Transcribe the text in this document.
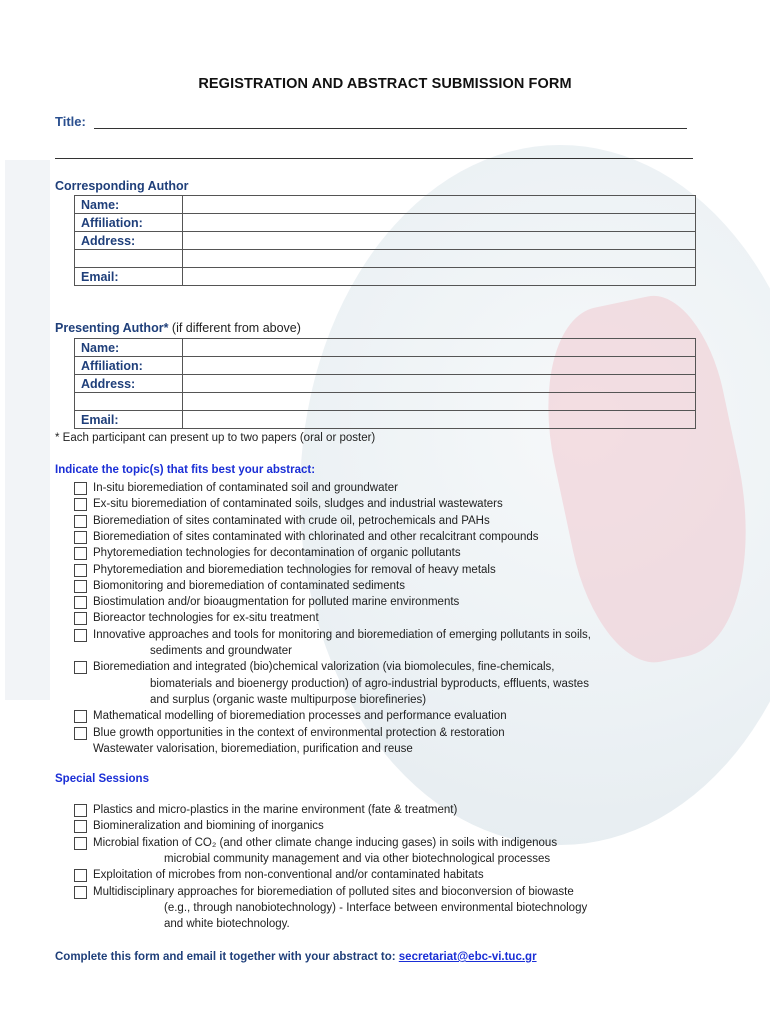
REGISTRATION AND ABSTRACT SUBMISSION FORM
Title:
Corresponding Author
Name:	
Affiliation:	
Address:	

Email:	
Presenting Author* (if different from above)
Name:	
Affiliation:	
Address:	

Email:	
* Each participant can present up to two papers (oral or poster)
Indicate the topic(s) that fits best your abstract:
In-situ bioremediation of contaminated soil and groundwater
Ex-situ bioremediation of contaminated soils, sludges and industrial wastewaters
Bioremediation of sites contaminated with crude oil, petrochemicals and PAHs
Bioremediation of sites contaminated with chlorinated and other recalcitrant compounds
Phytoremediation technologies for decontamination of organic pollutants
Phytoremediation and bioremediation technologies for removal of heavy metals
Biomonitoring and bioremediation of contaminated sediments
Biostimulation and/or bioaugmentation for polluted marine environments
Bioreactor technologies for ex-situ treatment
Innovative approaches and tools for monitoring and bioremediation of emerging pollutants in soils,
sediments and groundwater
Bioremediation and integrated (bio)chemical valorization (via biomolecules, fine-chemicals,
biomaterials and bioenergy production) of agro-industrial byproducts, effluents, wastes
and surplus (organic waste multipurpose biorefineries)
Mathematical modelling of bioremediation processes and performance evaluation
Blue growth opportunities in the context of environmental protection & restoration
Wastewater valorisation, bioremediation, purification and reuse
Special Sessions
Plastics and micro-plastics in the marine environment (fate & treatment)
Biomineralization and biomining of inorganics
Microbial fixation of CO₂ (and other climate change inducing gases) in soils with indigenous
microbial community management and via other biotechnological processes
Exploitation of microbes from non-conventional and/or contaminated habitats
Multidisciplinary approaches for bioremediation of polluted sites and bioconversion of biowaste
(e.g., through nanobiotechnology) - Interface between environmental biotechnology
and white biotechnology.
Complete this form and email it together with your abstract to: secretariat@ebc-vi.tuc.gr
